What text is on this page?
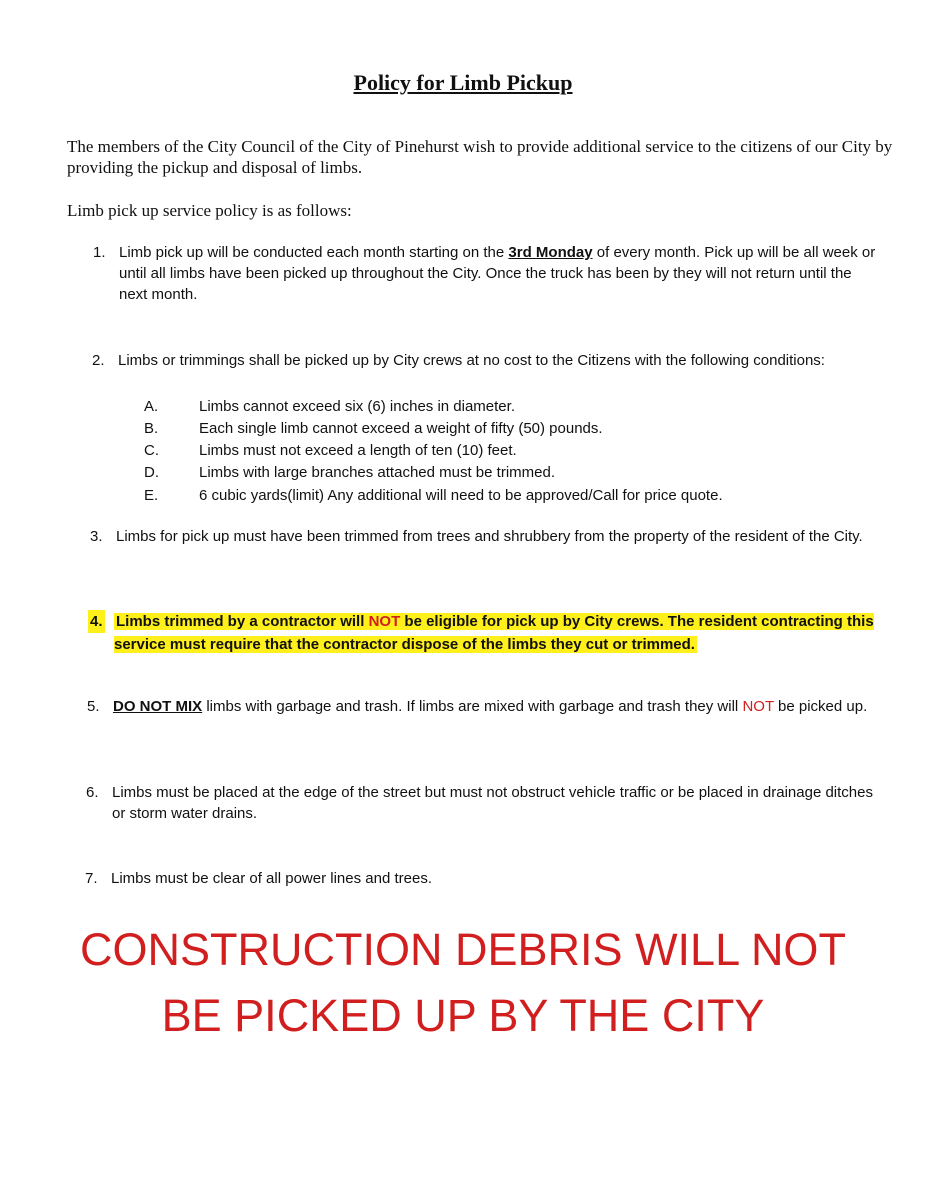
Policy for Limb Pickup
The members of the City Council of the City of Pinehurst wish to provide additional service to the citizens of our City by providing the pickup and disposal of limbs.
Limb pick up service policy is as follows:
1. Limb pick up will be conducted each month starting on the 3rd Monday of every month. Pick up will be all week or until all limbs have been picked up throughout the City. Once the truck has been by they will not return until the next month.
2. Limbs or trimmings shall be picked up by City crews at no cost to the Citizens with the following conditions:
A.	Limbs cannot exceed six (6) inches in diameter.
B.	Each single limb cannot exceed a weight of fifty (50) pounds.
C.	Limbs must not exceed a length of ten (10) feet.
D.	Limbs with large branches attached must be trimmed.
E.	6 cubic yards(limit) Any additional will need to be approved/Call for price quote.
3. Limbs for pick up must have been trimmed from trees and shrubbery from the property of the resident of the City.
4. Limbs trimmed by a contractor will NOT be eligible for pick up by City crews. The resident contracting this service must require that the contractor dispose of the limbs they cut or trimmed.
5. DO NOT MIX limbs with garbage and trash. If limbs are mixed with garbage and trash they will NOT be picked up.
6. Limbs must be placed at the edge of the street but must not obstruct vehicle traffic or be placed in drainage ditches or storm water drains.
7. Limbs must be clear of all power lines and trees.
CONSTRUCTION DEBRIS WILL NOT
BE PICKED UP BY THE CITY
